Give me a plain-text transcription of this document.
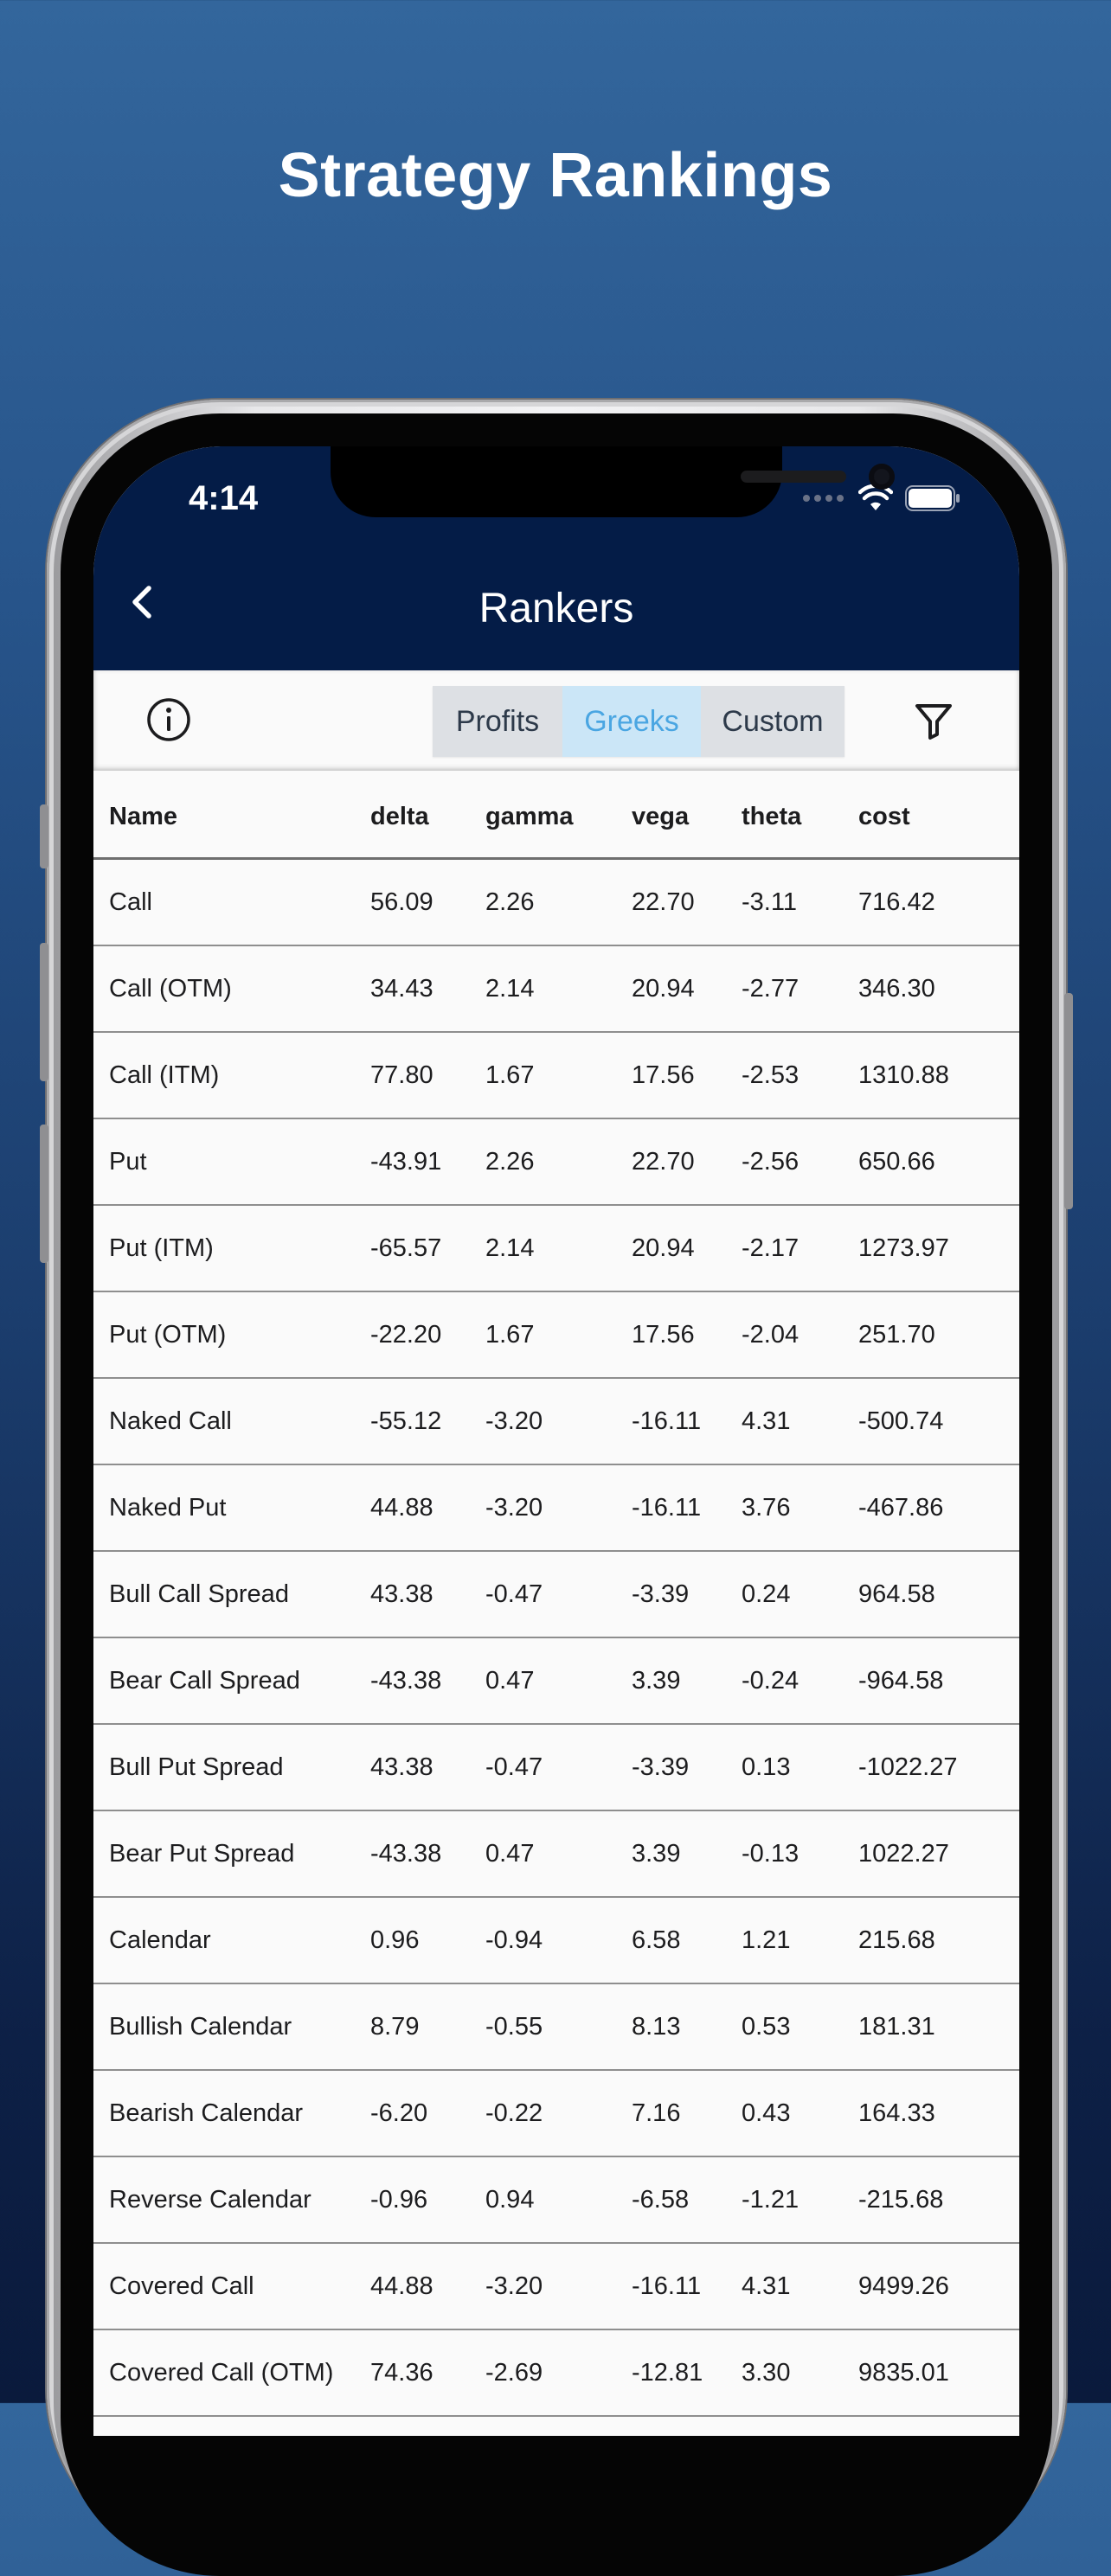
Strategy Rankings
4:14
Rankers
Profits	Greeks	Custom
Name	delta	gamma	vega	theta	cost
Call	56.09	2.26	22.70	-3.11	716.42
Call (OTM)	34.43	2.14	20.94	-2.77	346.30
Call (ITM)	77.80	1.67	17.56	-2.53	1310.88
Put	-43.91	2.26	22.70	-2.56	650.66
Put (ITM)	-65.57	2.14	20.94	-2.17	1273.97
Put (OTM)	-22.20	1.67	17.56	-2.04	251.70
Naked Call	-55.12	-3.20	-16.11	4.31	-500.74
Naked Put	44.88	-3.20	-16.11	3.76	-467.86
Bull Call Spread	43.38	-0.47	-3.39	0.24	964.58
Bear Call Spread	-43.38	0.47	3.39	-0.24	-964.58
Bull Put Spread	43.38	-0.47	-3.39	0.13	-1022.27
Bear Put Spread	-43.38	0.47	3.39	-0.13	1022.27
Calendar	0.96	-0.94	6.58	1.21	215.68
Bullish Calendar	8.79	-0.55	8.13	0.53	181.31
Bearish Calendar	-6.20	-0.22	7.16	0.43	164.33
Reverse Calendar	-0.96	0.94	-6.58	-1.21	-215.68
Covered Call	44.88	-3.20	-16.11	4.31	9499.26
Covered Call (OTM)	74.36	-2.69	-12.81	3.30	9835.01
